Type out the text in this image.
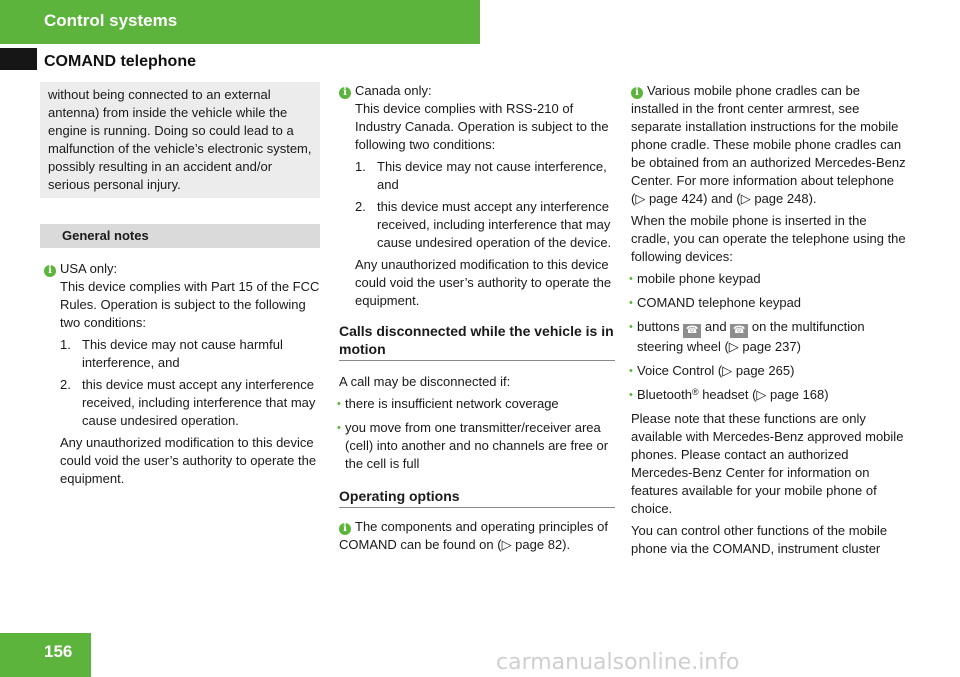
Control systems
COMAND telephone

without being connected to an external antenna) from inside the vehicle while the engine is running. Doing so could lead to a malfunction of the vehicle’s electronic system, possibly resulting in an accident and/or serious personal injury.

General notes

i USA only:

This device complies with Part 15 of the FCC Rules. Operation is subject to the following two conditions:

1. This device may not cause harmful interference, and
2. this device must accept any interference received, including interference that may cause undesired operation.

Any unauthorized modification to this device could void the user’s authority to operate the equipment.

i Canada only:

This device complies with RSS-210 of Industry Canada. Operation is subject to the following two conditions:

1. This device may not cause interference, and
2. this device must accept any interference received, including interference that may cause undesired operation of the device.

Any unauthorized modification to this device could void the user’s authority to operate the equipment.

Calls disconnected while the vehicle is in motion

A call may be disconnected if:

• there is insufficient network coverage
• you move from one transmitter/receiver area (cell) into another and no channels are free or the cell is full
Operating options

i The components and operating principles of COMAND can be found on (▷ page 82).

i Various mobile phone cradles can be installed in the front center armrest, see separate installation instructions for the mobile phone cradle. These mobile phone cradles can be obtained from an authorized Mercedes-Benz Center. For more information about telephone (▷ page 424) and (▷ page 248).

When the mobile phone is inserted in the cradle, you can operate the telephone using the following devices:

• mobile phone keypad
• COMAND telephone keypad
• buttons ☎ and ☎ on the multifunction steering wheel (▷ page 237)
• Voice Control (▷ page 265)
• Bluetooth® headset (▷ page 168)

Please note that these functions are only available with Mercedes-Benz approved mobile phones. Please contact an authorized Mercedes-Benz Center for information on features available for your mobile phone of choice.

You can control other functions of the mobile phone via the COMAND, instrument cluster

156	carmanualsonline.info
